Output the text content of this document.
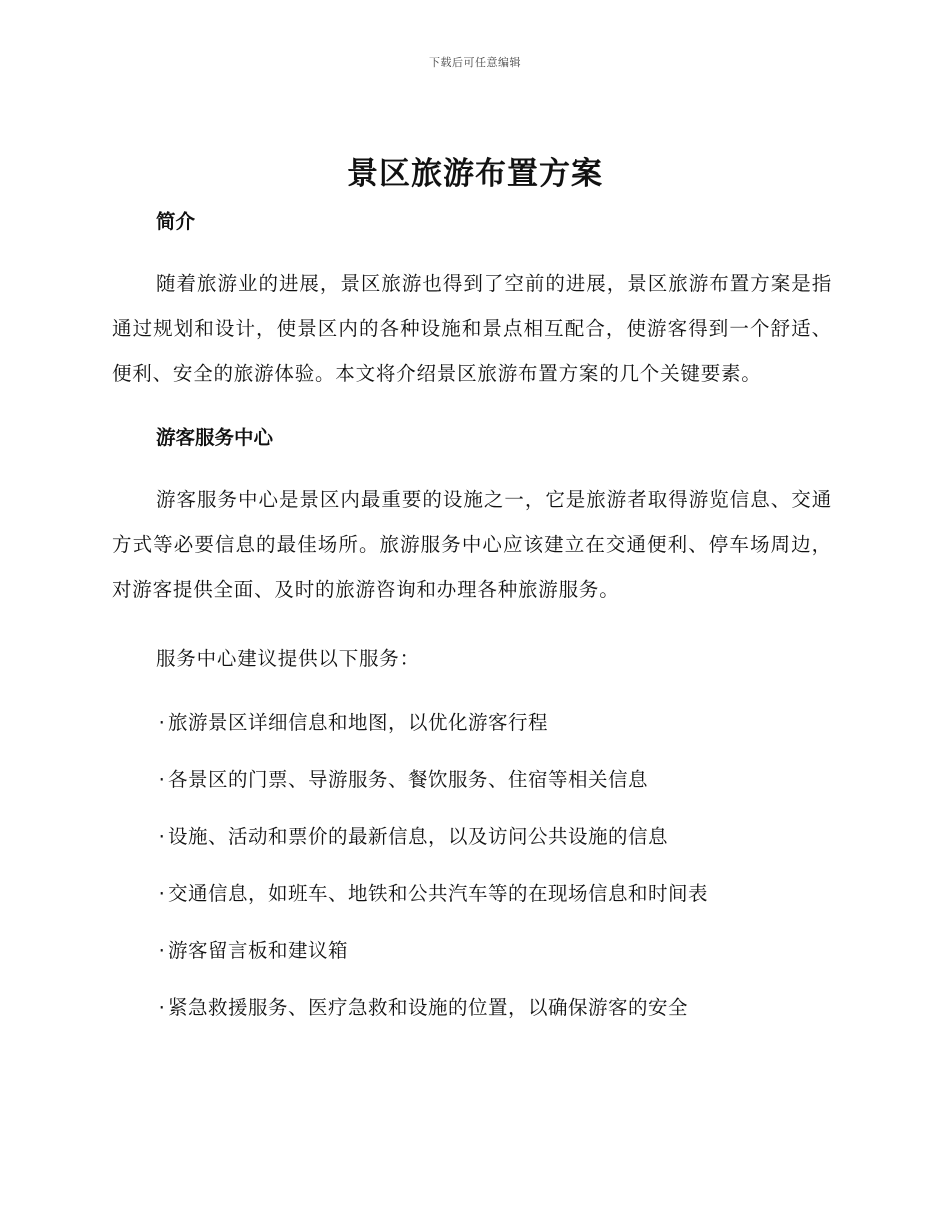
下载后可任意编辑
景区旅游布置方案

简介

随着旅游业的进展，景区旅游也得到了空前的进展，景区旅游布置方案是指通过规划和设计，使景区内的各种设施和景点相互配合，使游客得到一个舒适、便利、安全的旅游体验。本文将介绍景区旅游布置方案的几个关键要素。

游客服务中心

游客服务中心是景区内最重要的设施之一，它是旅游者取得游览信息、交通方式等必要信息的最佳场所。旅游服务中心应该建立在交通便利、停车场周边，对游客提供全面、及时的旅游咨询和办理各种旅游服务。

服务中心建议提供以下服务：

· 旅游景区详细信息和地图，以优化游客行程

· 各景区的门票、导游服务、餐饮服务、住宿等相关信息

· 设施、活动和票价的最新信息，以及访问公共设施的信息

· 交通信息，如班车、地铁和公共汽车等的在现场信息和时间表

· 游客留言板和建议箱

· 紧急救援服务、医疗急救和设施的位置，以确保游客的安全
